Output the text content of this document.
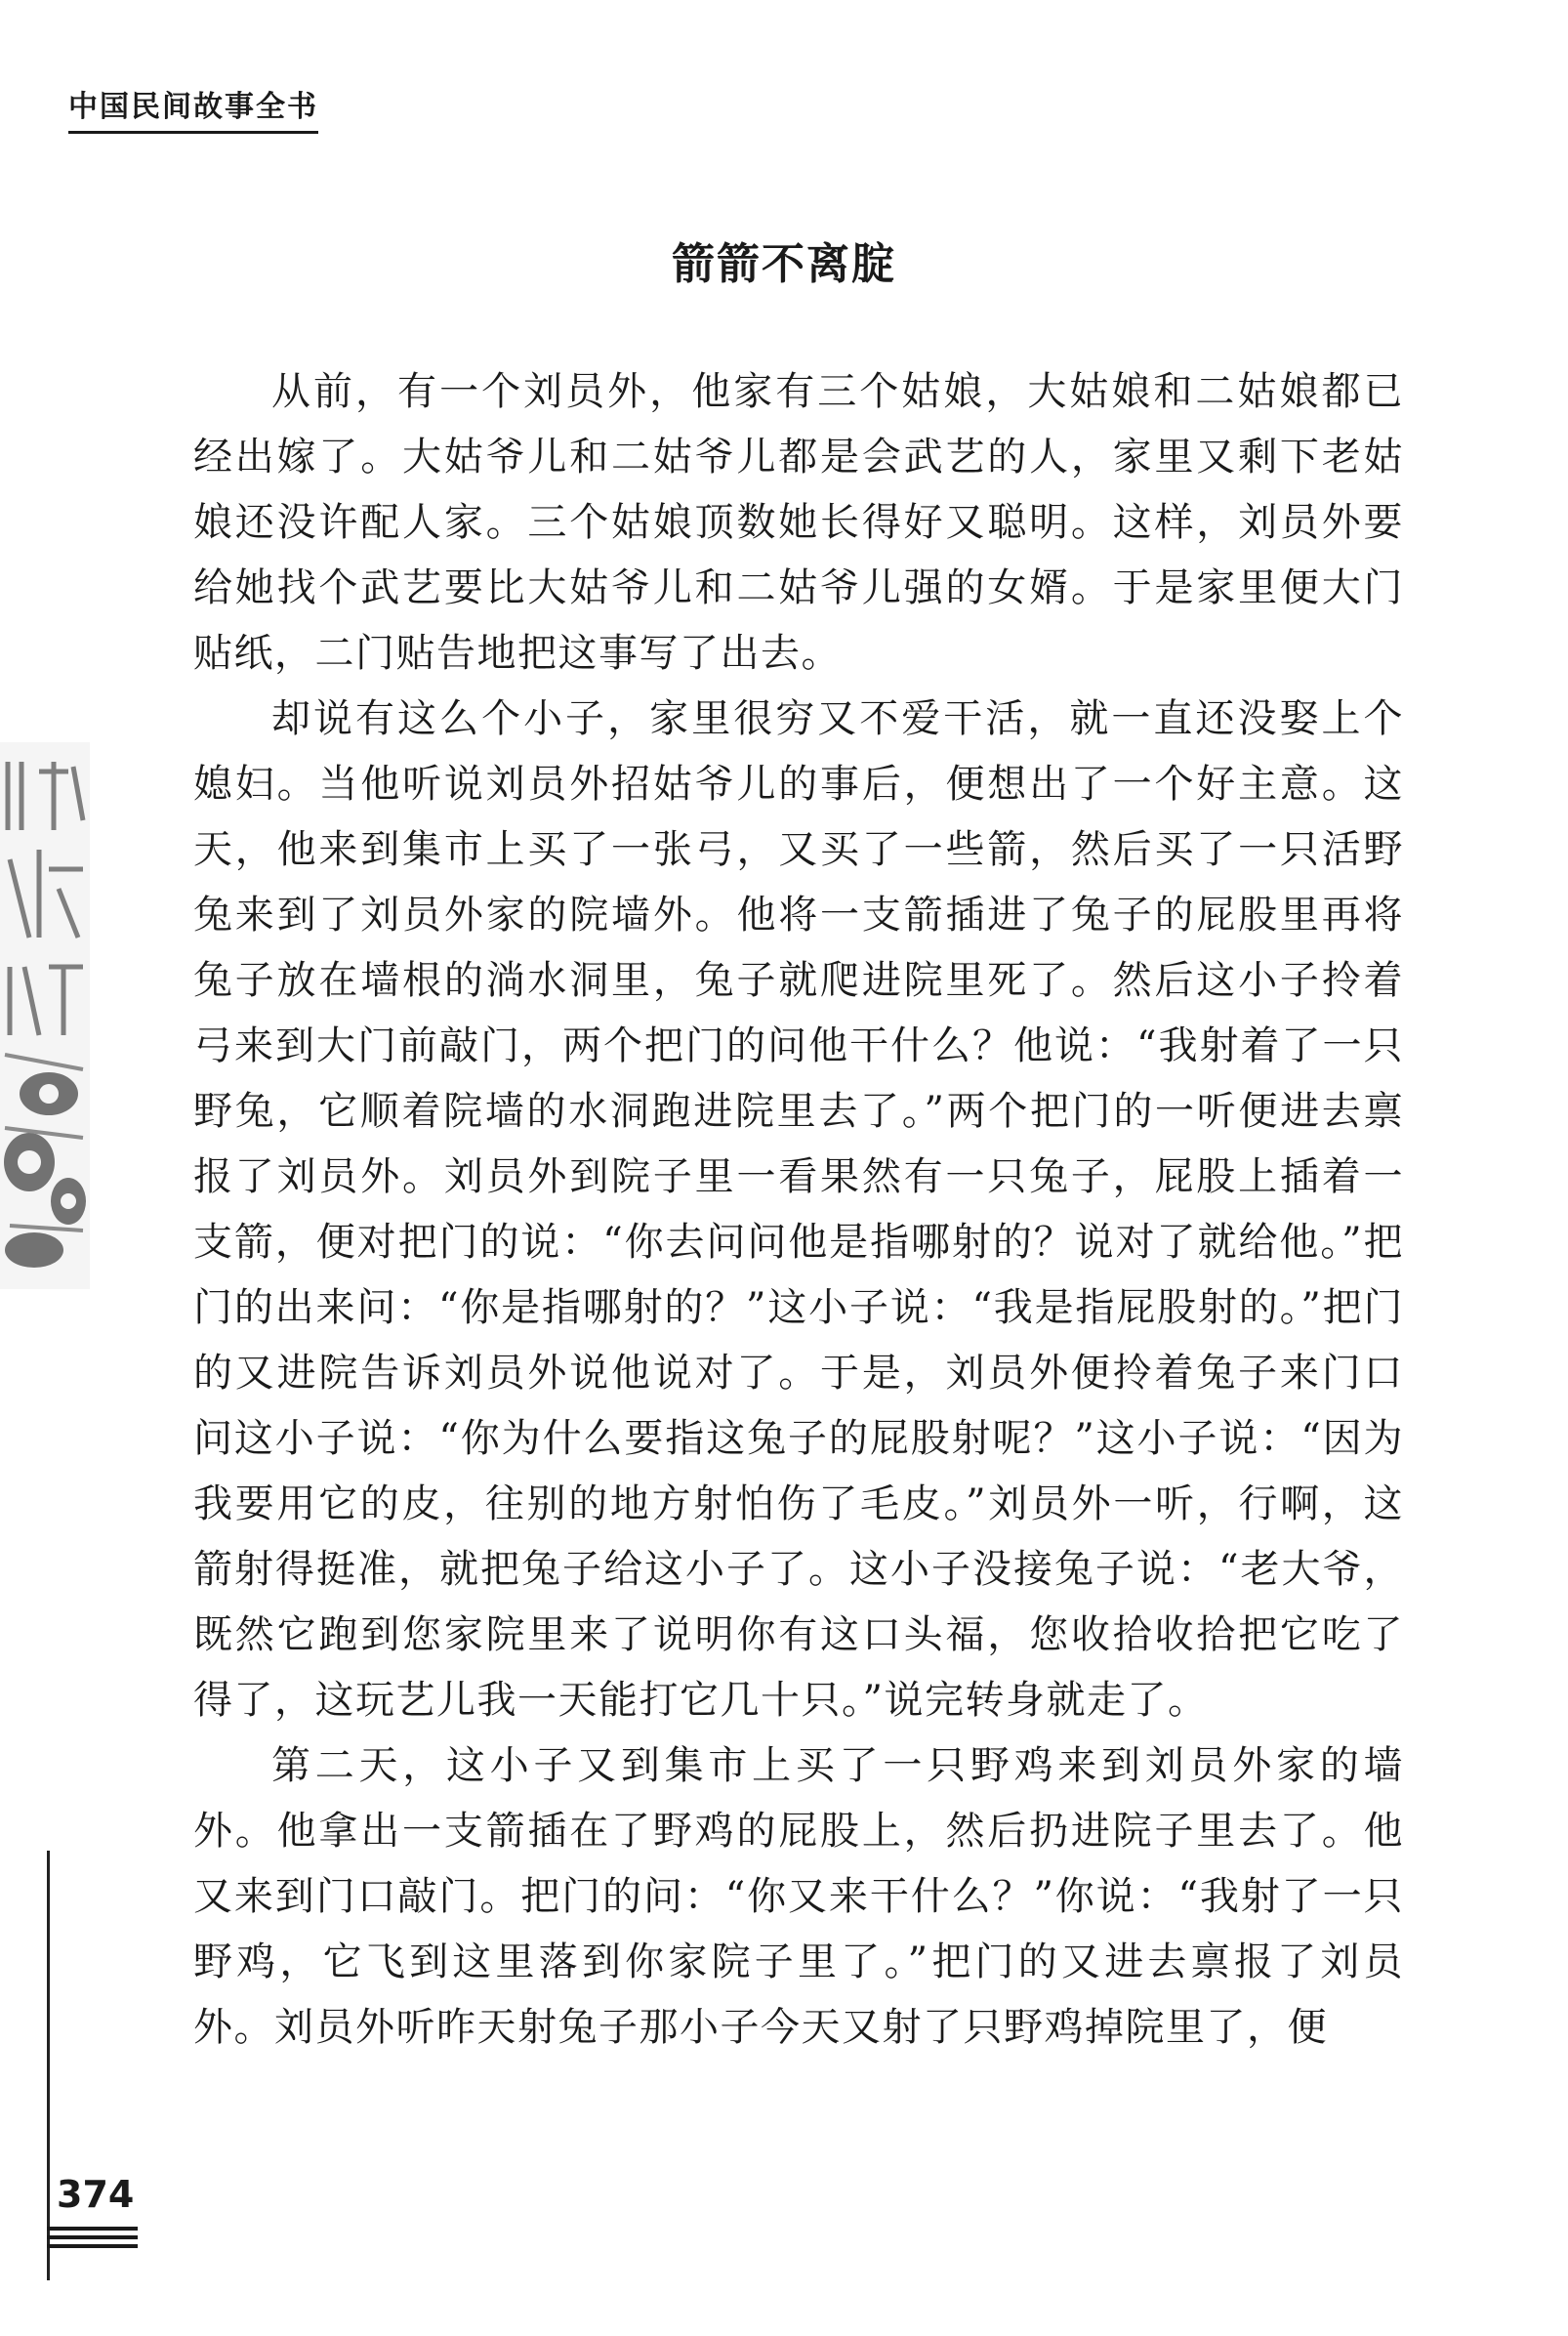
中国民间故事全书
箭箭不离腚

从前，有一个刘员外，他家有三个姑娘，大姑娘和二姑娘都已经出嫁了。大姑爷儿和二姑爷儿都是会武艺的人，家里又剩下老姑娘还没许配人家。三个姑娘顶数她长得好又聪明。这样，刘员外要给她找个武艺要比大姑爷儿和二姑爷儿强的女婿。于是家里便大门贴纸，二门贴告地把这事写了出去。

却说有这么个小子，家里很穷又不爱干活，就一直还没娶上个媳妇。当他听说刘员外招姑爷儿的事后，便想出了一个好主意。这天，他来到集市上买了一张弓，又买了一些箭，然后买了一只活野兔来到了刘员外家的院墙外。他将一支箭插进了兔子的屁股里再将兔子放在墙根的淌水洞里，兔子就爬进院里死了。然后这小子拎着弓来到大门前敲门，两个把门的问他干什么？他说：“我射着了一只野兔，它顺着院墙的水洞跑进院里去了。”两个把门的一听便进去禀报了刘员外。刘员外到院子里一看果然有一只兔子，屁股上插着一支箭，便对把门的说：“你去问问他是指哪射的？说对了就给他。”把门的出来问：“你是指哪射的？”这小子说：“我是指屁股射的。”把门的又进院告诉刘员外说他说对了。于是，刘员外便拎着兔子来门口问这小子说：“你为什么要指这兔子的屁股射呢？”这小子说：“因为我要用它的皮，往别的地方射怕伤了毛皮。”刘员外一听，行啊，这箭射得挺准，就把兔子给这小子了。这小子没接兔子说：“老大爷，既然它跑到您家院里来了说明你有这口头福，您收拾收拾把它吃了得了，这玩艺儿我一天能打它几十只。”说完转身就走了。

第二天，这小子又到集市上买了一只野鸡来到刘员外家的墙外。他拿出一支箭插在了野鸡的屁股上，然后扔进院子里去了。他又来到门口敲门。把门的问：“你又来干什么？”你说：“我射了一只野鸡，它飞到这里落到你家院子里了。”把门的又进去禀报了刘员外。刘员外听昨天射兔子那小子今天又射了只野鸡掉院里了，便

374
